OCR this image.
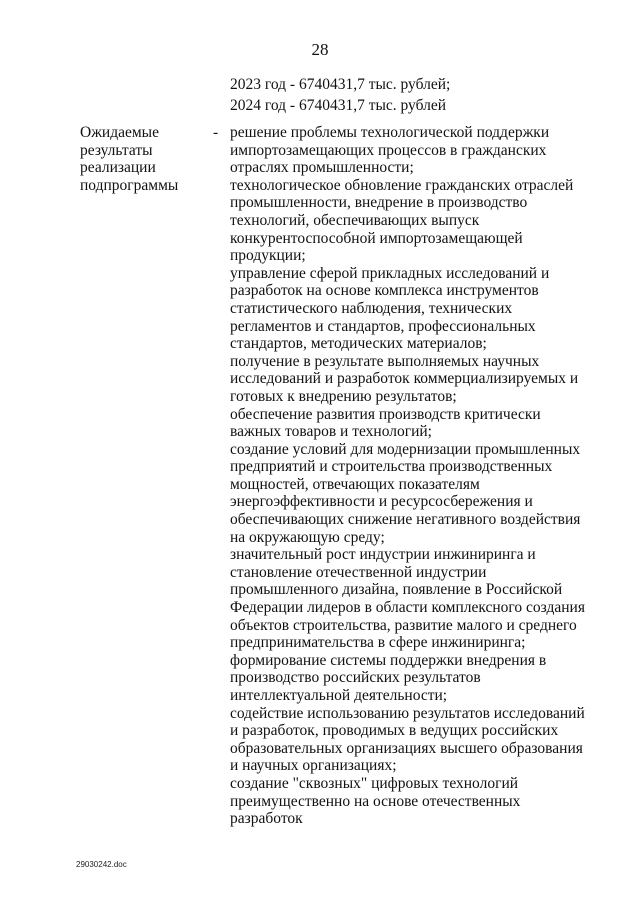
28
2023 год - 6740431,7 тыс. рублей;
2024 год - 6740431,7 тыс. рублей
Ожидаемые
результаты
реализации
подпрограммы
- решение проблемы технологической поддержки
импортозамещающих процессов в гражданских
отраслях промышленности;
технологическое обновление гражданских отраслей
промышленности, внедрение в производство
технологий, обеспечивающих выпуск
конкурентоспособной импортозамещающей
продукции;
управление сферой прикладных исследований и
разработок на основе комплекса инструментов
статистического наблюдения, технических
регламентов и стандартов, профессиональных
стандартов, методических материалов;
получение в результате выполняемых научных
исследований и разработок коммерциализируемых и
готовых к внедрению результатов;
обеспечение развития производств критически
важных товаров и технологий;
создание условий для модернизации промышленных
предприятий и строительства производственных
мощностей, отвечающих показателям
энергоэффективности и ресурсосбережения и
обеспечивающих снижение негативного воздействия
на окружающую среду;
значительный рост индустрии инжиниринга и
становление отечественной индустрии
промышленного дизайна, появление в Российской
Федерации лидеров в области комплексного создания
объектов строительства, развитие малого и среднего
предпринимательства в сфере инжиниринга;
формирование системы поддержки внедрения в
производство российских результатов
интеллектуальной деятельности;
содействие использованию результатов исследований
и разработок, проводимых в ведущих российских
образовательных организациях высшего образования
и научных организациях;
создание "сквозных" цифровых технологий
преимущественно на основе отечественных
разработок
29030242.doc
